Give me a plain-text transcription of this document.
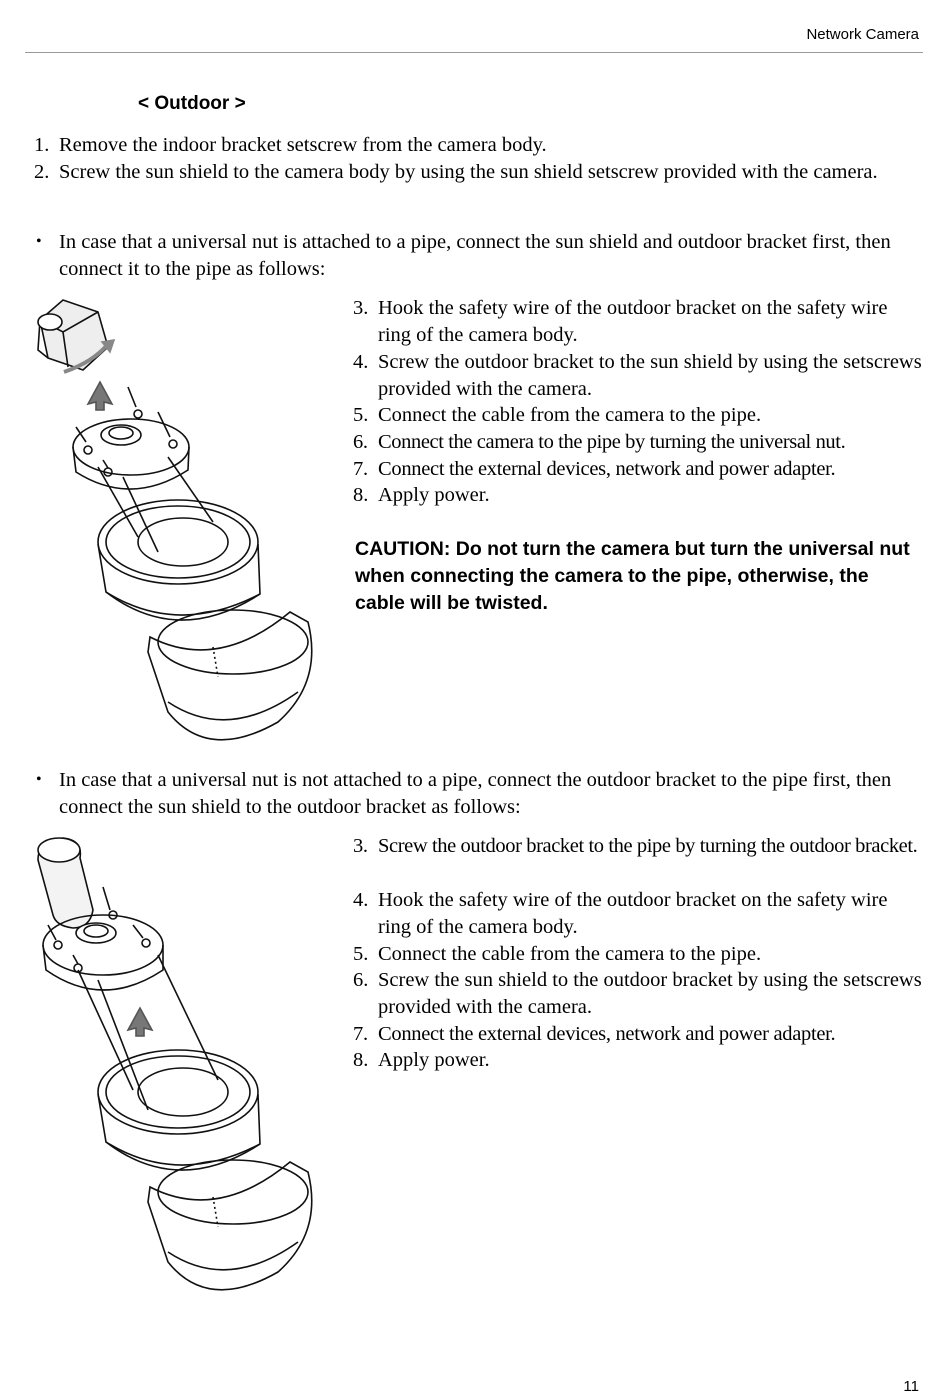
Network Camera
< Outdoor >
1. Remove the indoor bracket setscrew from the camera body.
2. Screw the sun shield to the camera body by using the sun shield setscrew provided with the camera.
• In case that a universal nut is attached to a pipe, connect the sun shield and outdoor bracket first, then connect it to the pipe as follows:
3. Hook the safety wire of the outdoor bracket on the safety wire ring of the camera body.
4. Screw the outdoor bracket to the sun shield by using the setscrews provided with the camera.
5. Connect the cable from the camera to the pipe.
6. Connect the camera to the pipe by turning the universal nut.
7. Connect the external devices, network and power adapter.
8. Apply power.
CAUTION: Do not turn the camera but turn the universal nut when connecting the camera to the pipe, otherwise, the cable will be twisted.
• In case that a universal nut is not attached to a pipe, connect the outdoor bracket to the pipe first, then connect the sun shield to the outdoor bracket as follows:
3. Screw the outdoor bracket to the pipe by turning the outdoor bracket.
4. Hook the safety wire of the outdoor bracket on the safety wire ring of the camera body.
5. Connect the cable from the camera to the pipe.
6. Screw the sun shield to the outdoor bracket by using the setscrews provided with the camera.
7. Connect the external devices, network and power adapter.
8. Apply power.
11
